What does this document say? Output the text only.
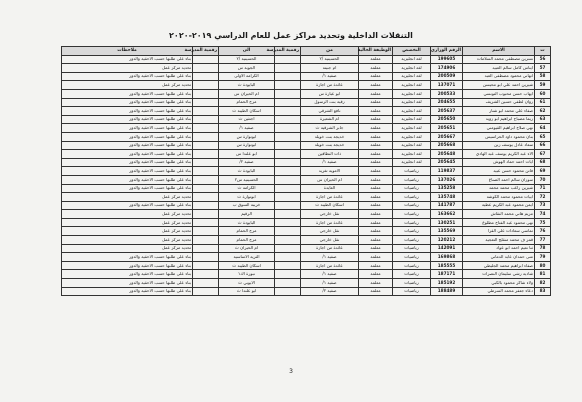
التنقلات الداخلية وتحديد مراكز عمل للعام الدراسي ٢٠١٩-٢٠٢٠
ت	الاسم	الرقم الوزاري	التخصص	الوظيفة الحالية	من	رقمية المدرسة	الى	رقمية المدرسة	ملاحظات
56	نسرين مصطفى محمد السلامات	199605	لغة انجليزية	معلمة	الحسينية /٢		الحسينية /٢		بناء على طلبها حسب الاحقية والدور
57	ايناس كامل سالم العبيد	174906	لغة انجليزية	معلمة	ام جنيتة		الجوبة س		تحديد مركز عمل
58	انهاني محمود مصطفى العبد	200509	لغة انجليزية	معلمة	صفية ١/		الكرامة الاولى		بناء على طلبها حسب الاحقية والدور
59	شيرين احمد علي ابو محيسن	137071	لغة انجليزية	معلمة	عائدة من اجازة		البايودة ث		تحديد مركز عمل
60	ايهاب حسن محبوب التونسي	200533	لغة انجليزية	معلمة	ابو عبارة س		ام الحيران س		بناء على طلبها حسب الاحقية والدور
61	روان لطفي حسين الشريف	204655	لغة انجليزية	معلمة	رقية بنت الرسول		مرج الحمام		بناء على طلبها حسب الاحقية والدور
62	صفاء علي محمد ابو شنار	205637	لغة انجليزية	معلمة	نافع الشرقي		اسكان الطيبة ث		بناء على طلبها حسب الاحقية والدور
63	ريما مصباح ابراهيم ابو زويد	205650	لغة انجليزية	معلمة	ام الشعيرة		اجتثين ث		بناء على طلبها حسب الاحقية والدور
64	نهي صلاح ابراهيم القيومني	205651	لغة انجليزية	معلمة	جابر الشرقية ث		صفية ١/		بناء على طلبها حسب الاحقية والدور
65	بنان محمود داود الحراسيس	205667	لغة انجليزية	معلمة	خديجة بنت خويلد		ابوتوارة س		بناء على طلبها حسب الاحقية والدور
66	سعاد عادل يوسف زين	205668	لغة انجليزية	معلمة	خديجة بنت خويلد		ابوتوارة س		بناء على طلبها حسب الاحقية والدور
67	الاء عبد الكريم يوسف عبد الهادي	205648	لغة انجليزية	معلمة	ذات النطاقين		ابو علندا س		بناء على طلبها حسب الاحقية والدور
68	ايات احمد حماد الهوش	205645	لغة انجليزية	معلمة	صفية ١/		صفية ٢/		بناء على طلبها حسب الاحقية والدور
69	فاتن محمود حسن عبيد	119837	رياضيات	معلمة	الاموية تغريد		البايودة ث		بناء على طلبها حسب الاحقية والدور
70	سوزان سالم احمد الصناع	137026	رياضيات	معلمة	ام الحيران س		الحسينية س٢		بناء على طلبها حسب الاحقية والدور
71	شيرين راغب محمد محمد	135258	رياضيات	معلمة	العايدة		الكرامة ث		بناء على طلبها حسب الاحقية والدور
72	ابيات محمود محمد الكوشة	135748	رياضيات	معلمة	عائدة من اجازة		ابوتوارة ث		تحديد مركز عمل
73	ايمن محمود عبد الكريم عطية	141787	رياضيات	معلمة	اسكان الطيبة ث		خريبة السوق ب		بناء على طلبها حسب الاحقية والدور
74	مريم هاني محمد النقاش	163662	رياضيات	معلمة	نقل خارجي		الرقيم		تحديد مركز عمل
75	نهى محمود عبد الفتاح مطلوع	130251	رياضيات	معلمة	عائدة من اجازة		البايودة ث		تحديد مركز عمل
76	تماسي سعادات علي القرا	135569	رياضيات	معلمة	نقل خارجي		مرج الحمام		تحديد مركز عمل
77	قمر ف محمد منقلج التعجية	120212	رياضيات	معلمة	نقل خارجي		مرج الحمام		تحديد مركز عمل
78	ثنا نعيم احمد ابو عواد	142091	رياضيات	معلمة	عائدة من اجازة		ام الحيران ث		تحديد مركز عمل
79	منى حمدان عابد الدماني	169868	رياضيات	معلمة	صفية ١/		الثرية الاساسية		بناء على طلبها حسب الاحقية والدور
80	صفاء ابراهيم محمد الجليطي	185555	رياضيات	معلمة	عائدة من اجازة		اسكان الطيبة ث		بناء على طلبها حسب الاحقية والدور
81	شادية رشي سليمان النصرات	187171	رياضيات	معلمة	صفية ١/		نبورة اك١		بناء على طلبها حسب الاحقية والدور
82	ولاء شاكر محمود بالكبي	185192	رياضيات	معلمة	صفية ١/		الايوبي ث		بناء على طلبها حسب الاحقية والدور
83	دعاء جعفر محمد السرطي	188489	رياضيات	معلمة	صفية ٢/		ابو علندا ث		بناء على طلبها حسب الاحقية والدور
3
